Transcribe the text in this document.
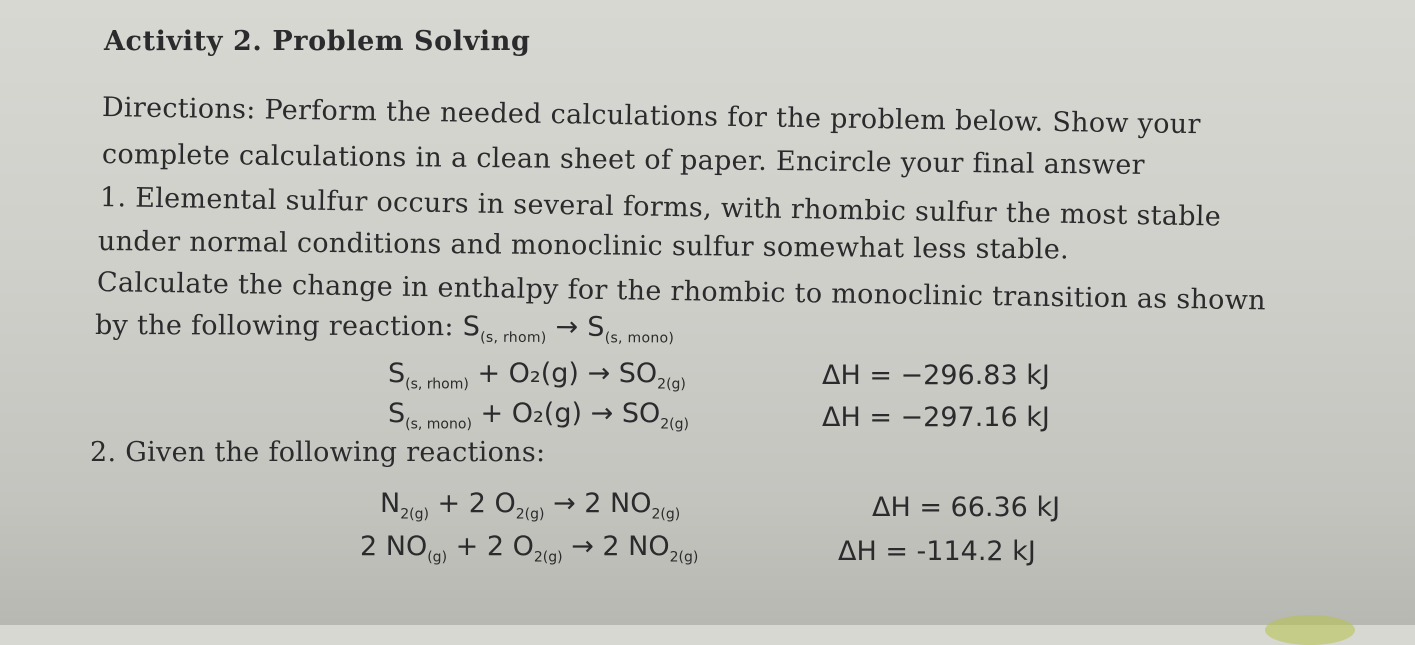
Activity 2. Problem Solving
Directions: Perform the needed calculations for the problem below. Show your
complete calculations in a clean sheet of paper. Encircle your final answer
1. Elemental sulfur occurs in several forms, with rhombic sulfur the most stable
under normal conditions and monoclinic sulfur somewhat less stable.
Calculate the change in enthalpy for the rhombic to monoclinic transition as shown
by the following reaction: $S_{(s, rhom)} \to S_{(s, mono)}$
$S_{(s, rhom)} + O_2(g) \to SO_{2(g)}$	ΔH = −296.83 kJ
$S_{(s, mono)} + O_2(g) \to SO_{2(g)}$	ΔH = −297.16 kJ
2. Given the following reactions:
$N_{2(g)} + 2$ $O_{2(g)} \to 2$ $NO_{2(g)}$	ΔH = 66.36 kJ
2 $NO_{(g)} + 2$ $O_{2(g)} \to 2$ $NO_{2(g)}$	ΔH = -114.2 kJ
